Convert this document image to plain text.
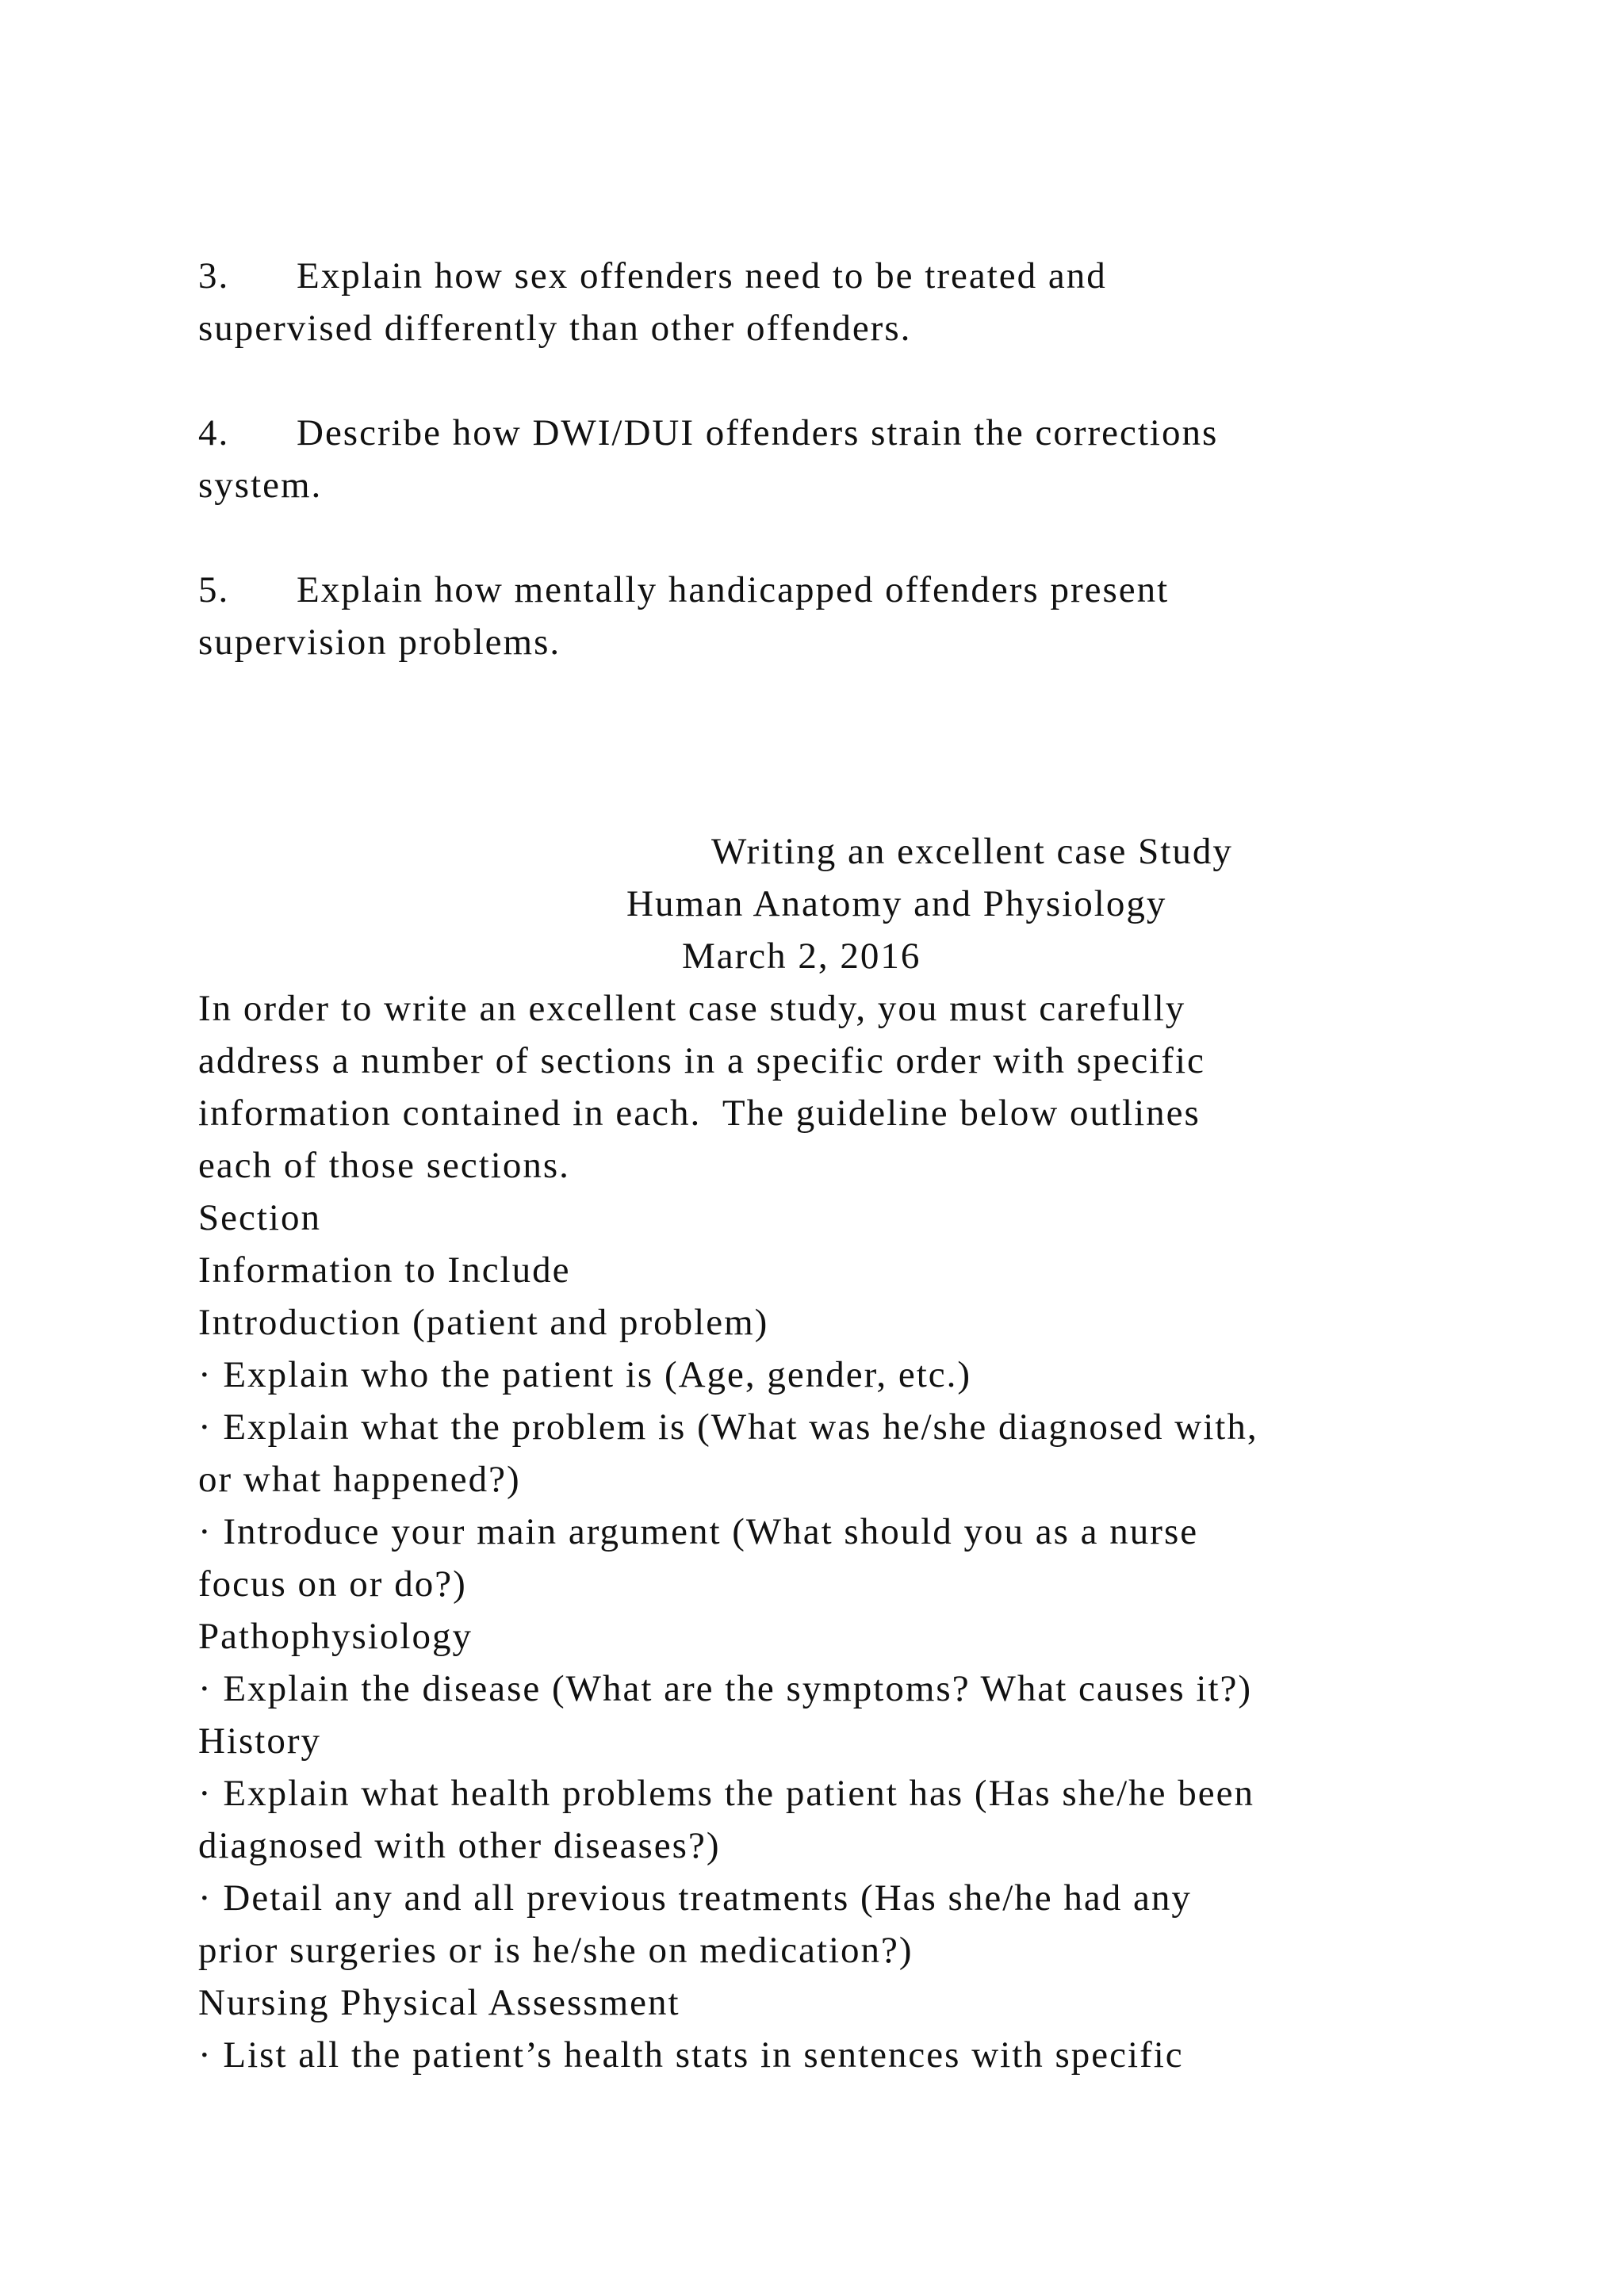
3. Explain how sex offenders need to be treated and
supervised differently than other offenders.
4. Describe how DWI/DUI offenders strain the corrections
system.
5. Explain how mentally handicapped offenders present
supervision problems.
Writing an excellent case Study
Human Anatomy and Physiology
March 2, 2016
In order to write an excellent case study, you must carefully
address a number of sections in a specific order with specific
information contained in each.  The guideline below outlines
each of those sections.
Section
Information to Include
Introduction (patient and problem)
· Explain who the patient is (Age, gender, etc.)
· Explain what the problem is (What was he/she diagnosed with,
or what happened?)
· Introduce your main argument (What should you as a nurse
focus on or do?)
Pathophysiology
· Explain the disease (What are the symptoms? What causes it?)
History
· Explain what health problems the patient has (Has she/he been
diagnosed with other diseases?)
· Detail any and all previous treatments (Has she/he had any
prior surgeries or is he/she on medication?)
Nursing Physical Assessment
· List all the patient’s health stats in sentences with specific
